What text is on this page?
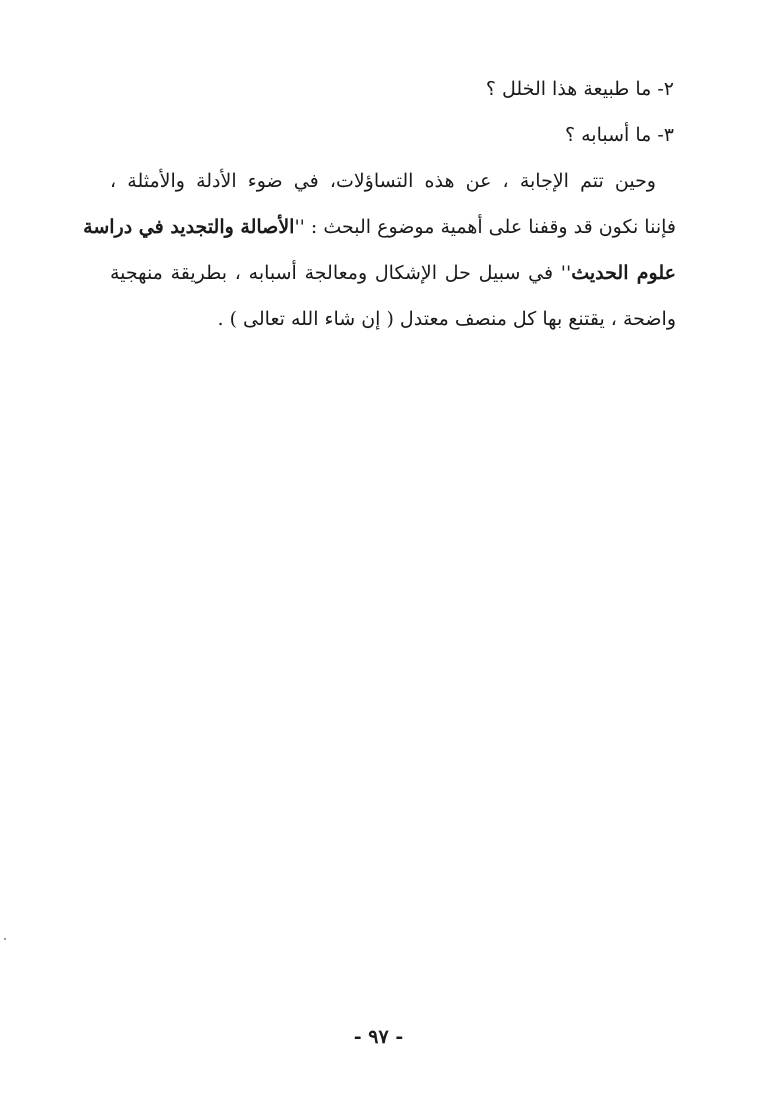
٢- ما طبيعة هذا الخلل ؟
٣- ما أسبابه ؟
وحين تتم الإجابة ، عن هذه التساؤلات، في ضوء الأدلة والأمثلة ،
فإننا نكون قد وقفنا على أهمية موضوع البحث : ''الأصالة والتجديد في دراسة
علوم الحديث'' في سبيل حل الإشكال ومعالجة أسبابه ، بطريقة منهجية
واضحة ، يقتنع بها كل منصف معتدل ( إن شاء الله تعالى ) .
- ٩٧ -
